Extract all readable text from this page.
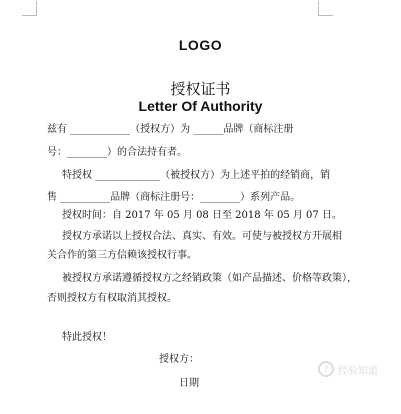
LOGO
授权证书
Letter Of Authority
兹有 ____________（授权方）为 ______品牌（商标注册
号：________）的合法持有者。
特授权 _____________（被授权方）为上述平拍的经销商，销
售 __________品牌（商标注册号：________）系列产品。
授权时间：自 2017 年 05 月 08 日至 2018 年 05 月 07 日。
授权方承诺以上授权合法、真实、有效。可使与被授权方开展相
关合作的第三方信赖该授权行事。
被授权方承诺遵循授权方之经销政策（如产品描述、价格等政策），
否则授权方有权取消其授权。
特此授权！
授权方：
日期
? 经验知道
